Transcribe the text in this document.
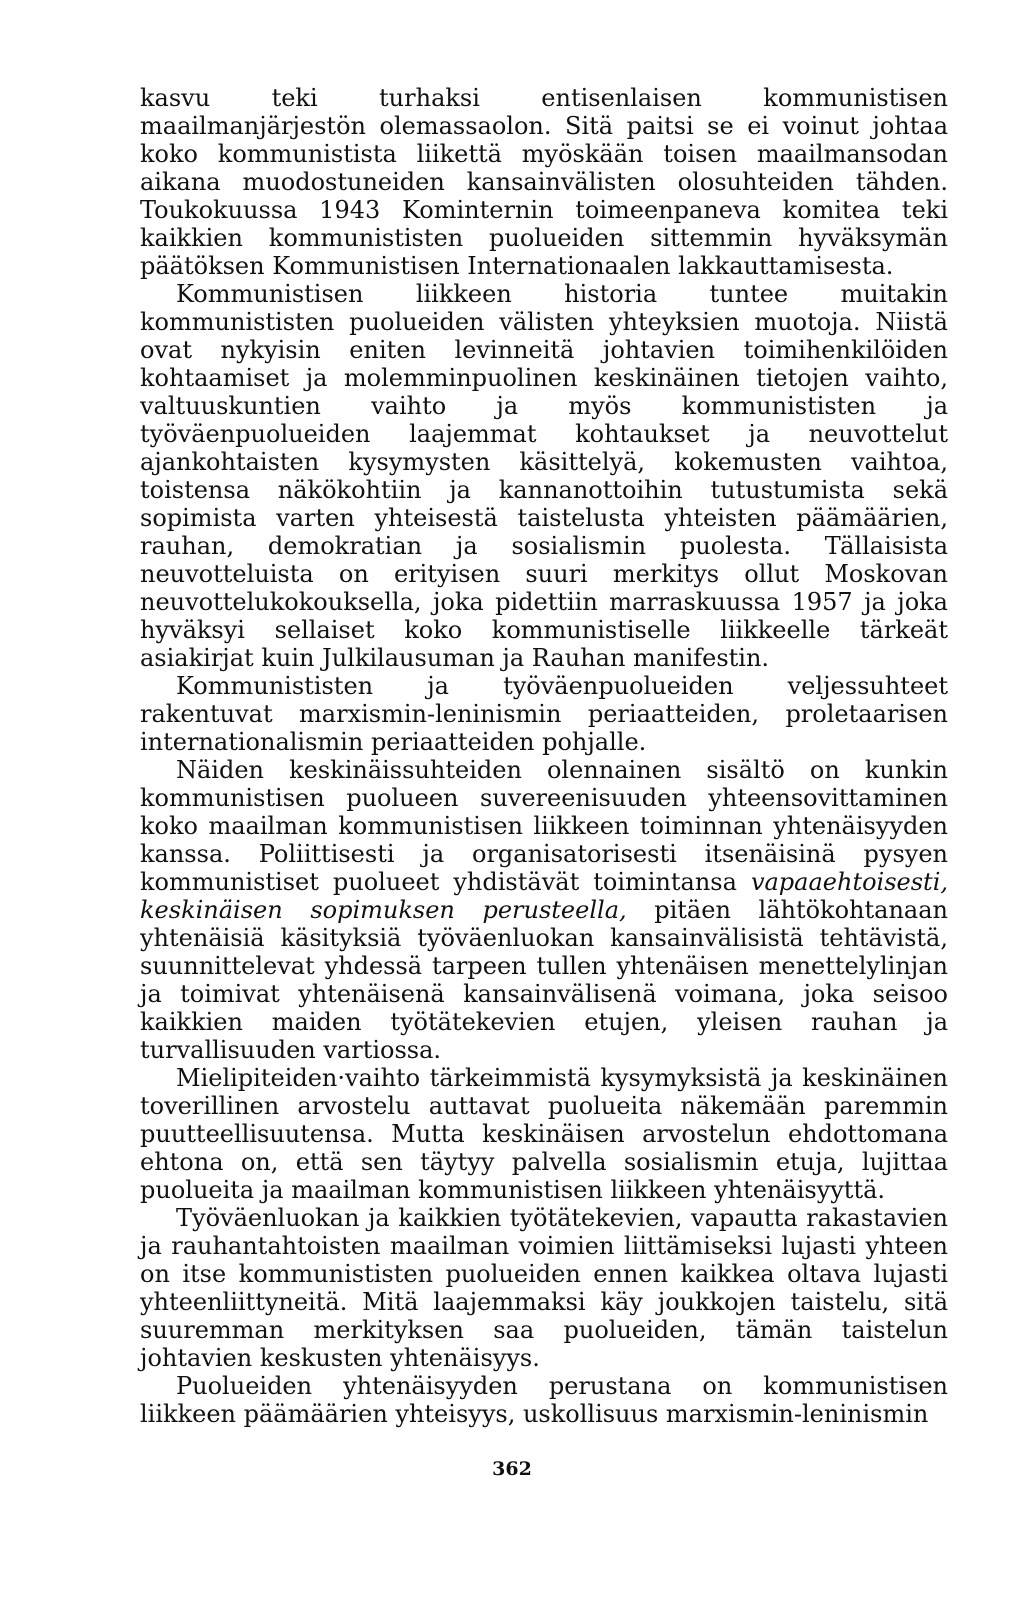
kasvu teki turhaksi entisenlaisen kommunistisen maailmanjärjestön olemassaolon. Sitä paitsi se ei voinut johtaa koko kommunistista liikettä myöskään toisen maailmansodan aikana muodostuneiden kansainvälisten olosuhteiden tähden. Toukokuussa 1943 Kominternin toimeenpaneva komitea teki kaikkien kommunististen puolueiden sittemmin hyväksymän päätöksen Kommunistisen Internationaalen lakkauttamisesta.

Kommunistisen liikkeen historia tuntee muitakin kommunististen puolueiden välisten yhteyksien muotoja. Niistä ovat nykyisin eniten levinneitä johtavien toimihenkilöiden kohtaamiset ja molemminpuolinen keskinäinen tietojen vaihto, valtuuskuntien vaihto ja myös kommunististen ja työväenpuolueiden laajemmat kohtaukset ja neuvottelut ajankohtaisten kysymysten käsittelyä, kokemusten vaihtoa, toistensa näkökohtiin ja kannanottoihin tutustumista sekä sopimista varten yhteisestä taistelusta yhteisten päämäärien, rauhan, demokratian ja sosialismin puolesta. Tällaisista neuvotteluista on erityisen suuri merkitys ollut Moskovan neuvottelukokouksella, joka pidettiin marraskuussa 1957 ja joka hyväksyi sellaiset koko kommunistiselle liikkeelle tärkeät asiakirjat kuin Julkilausuman ja Rauhan manifestin.

Kommunististen ja työväenpuolueiden veljessuhteet rakentuvat marxismin-leninismin periaatteiden, proletaarisen internationalismin periaatteiden pohjalle.

Näiden keskinäissuhteiden olennainen sisältö on kunkin kommunistisen puolueen suvereenisuuden yhteensovittaminen koko maailman kommunistisen liikkeen toiminnan yhtenäisyyden kanssa. Poliittisesti ja organisatorisesti itsenäisinä pysyen kommunistiset puolueet yhdistävät toimintansa vapaaehtoisesti, keskinäisen sopimuksen perusteella, pitäen lähtökohtanaan yhtenäisiä käsityksiä työväenluokan kansainvälisistä tehtävistä, suunnittelevat yhdessä tarpeen tullen yhtenäisen menettelylinjan ja toimivat yhtenäisenä kansainvälisenä voimana, joka seisoo kaikkien maiden työtätekevien etujen, yleisen rauhan ja turvallisuuden vartiossa.

Mielipiteiden·vaihto tärkeimmistä kysymyksistä ja keskinäinen toverillinen arvostelu auttavat puolueita näkemään paremmin puutteellisuutensa. Mutta keskinäisen arvostelun ehdottomana ehtona on, että sen täytyy palvella sosialismin etuja, lujittaa puolueita ja maailman kommunistisen liikkeen yhtenäisyyttä.

Työväenluokan ja kaikkien työtätekevien, vapautta rakastavien ja rauhantahtoisten maailman voimien liittämiseksi lujasti yhteen on itse kommunististen puolueiden ennen kaikkea oltava lujasti yhteenliittyneitä. Mitä laajemmaksi käy joukkojen taistelu, sitä suuremman merkityksen saa puolueiden, tämän taistelun johtavien keskusten yhtenäisyys.

Puolueiden yhtenäisyyden perustana on kommunistisen liikkeen päämäärien yhteisyys, uskollisuus marxismin-leninismin

362
